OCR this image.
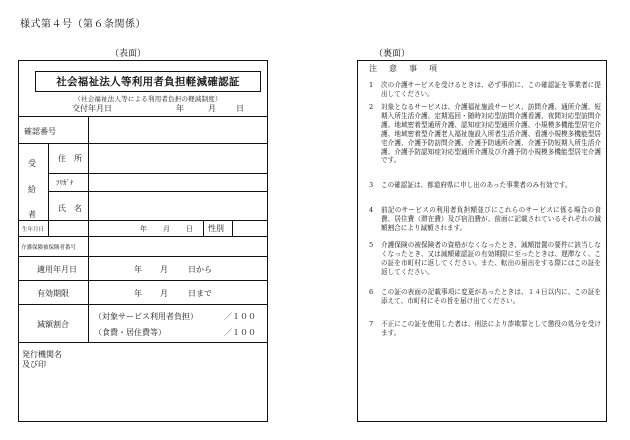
様式第４号（第６条関係）
（表面）	（裏面）
社会福祉法人等利用者負担軽減確認証
（社会福祉法人等による利用者負担の軽減制度）
交付年月日	年	月	日
確認番号
受
給
者
住　所
ﾌﾘｶﾞﾅ
氏　名
生年月日	年 月 日 性別
介護保険被保険者番号
適用年月日	年 月	日から
有効期限	年 月	日まで
減額割合
（対象サービス利用者負担）	／１００
（食費・居住費等）	／１００
発行機関名
及び印
注　意　事　項
1 次の介護サービスを受けるときは、必ず事前に、この確認証を事業者に提出してください。
2 対象となるサービスは、介護福祉施設サービス、訪問介護、通所介護、短期入所生活介護、定期巡回・随時対応型訪問介護看護、夜間対応型訪問介護、地域密着型通所介護、認知症対応型通所介護、小規模多機能型居宅介護、地域密着型介護老人福祉施設入所者生活介護、看護小規模多機能型居宅介護、介護予防訪問介護、介護予防通所介護、介護予防短期入所生活介護、介護予防認知症対応型通所介護及び介護予防小規模多機能型居宅介護です。
3 この確認証は、都道府県に申し出のあった事業者のみ有効です。
4 前記のサービスの利用者負担額並びにこれらのサービスに係る場合の食費、居住費（滞在費）及び宿泊費が、前面に記載されているそれぞれの減額割合により減額されます。
5 介護保険の被保険者の資格がなくなったとき、減額措置の要件に該当しなくなったとき、又は減額確認証の有効期限に至ったときは、遅滞なく、この証を市町村に返してください。また、転出の届出をする際にはこの証を返してください。
6 この証の表面の記載事項に変更があったときは、１４日以内に、この証を添えて、市町村にその旨を届け出てください。
7 不正にこの証を使用した者は、刑法により詐欺罪として懲役の処分を受けます。
